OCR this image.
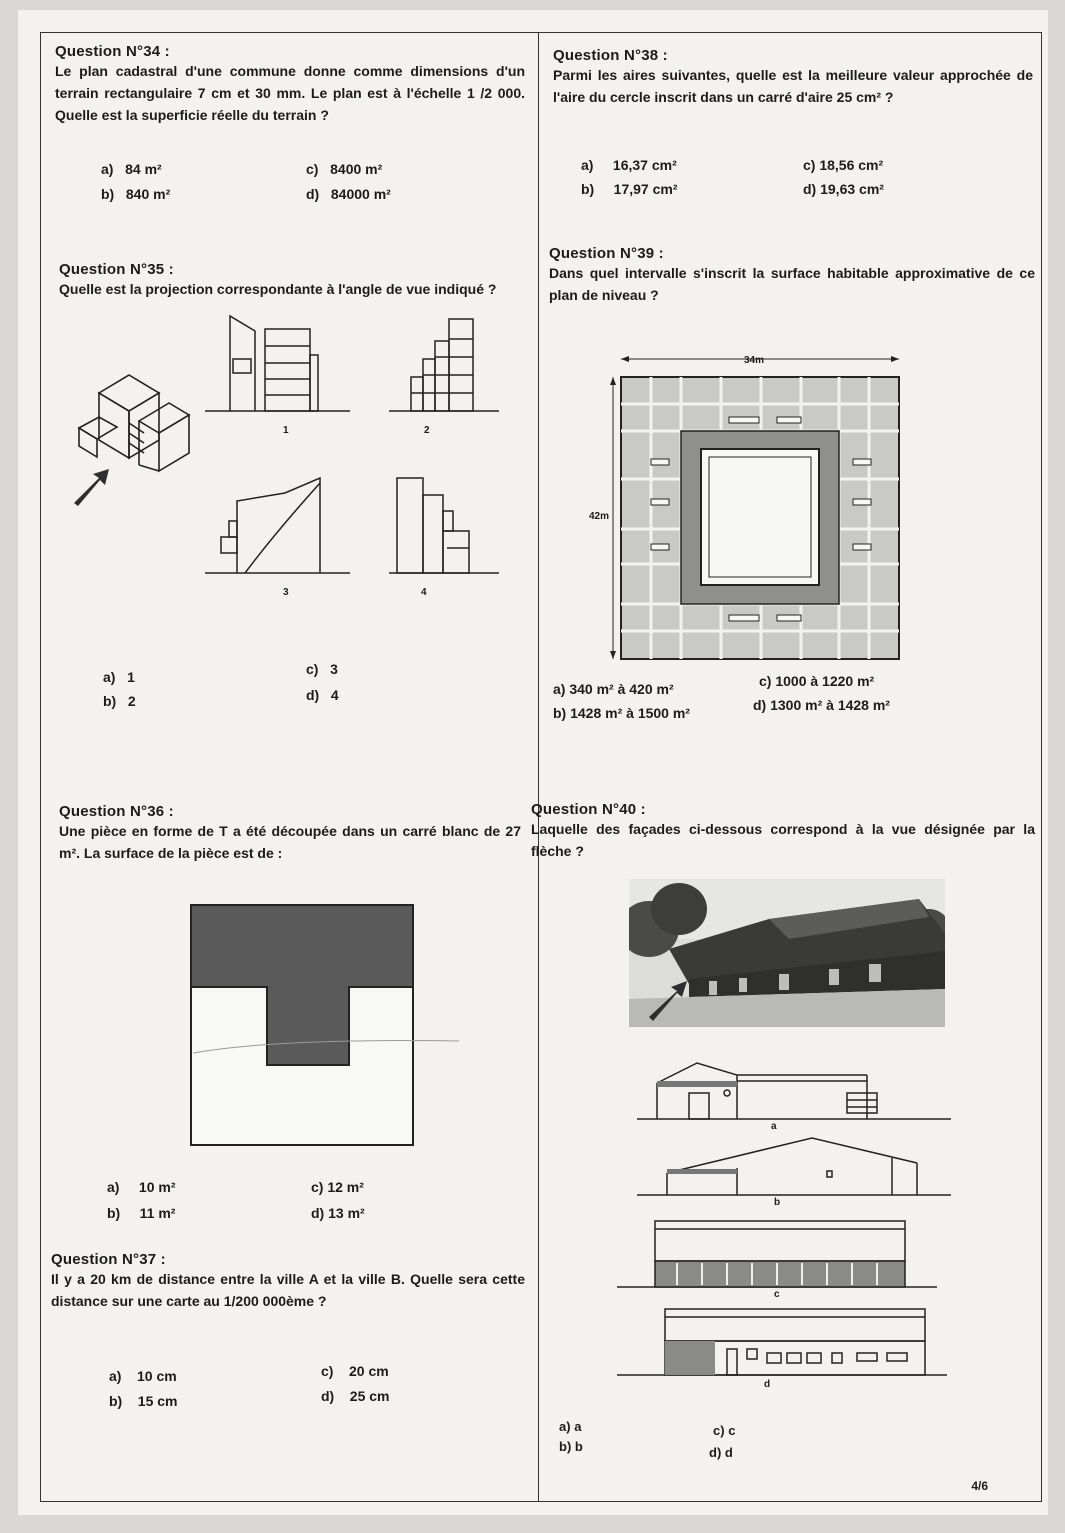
Question N°34 :
Le plan cadastral d'une commune donne comme dimensions d'un terrain rectangulaire 7 cm et 30 mm. Le plan est à l'échelle 1 /2 000. Quelle est la superficie réelle du terrain ?
a) 84 m²
b) 840 m²
c) 8400 m²
d) 84000 m²
Question N°35 :
Quelle est la projection correspondante à l'angle de vue indiqué ?
1	2
3	4
a) 1
b) 2
c) 3
d) 4
Question N°36 :
Une pièce en forme de T a été découpée dans un carré blanc de 27 m². La surface de la pièce est de :
a) 10 m²
b) 11 m²
c) 12 m²
d) 13 m²
Question N°37 :
Il y a 20 km de distance entre la ville A et la ville B. Quelle sera cette distance sur une carte au 1/200 000ème ?
a) 10 cm
b) 15 cm
c) 20 cm
d) 25 cm
Question N°38 :
Parmi les aires suivantes, quelle est la meilleure valeur approchée de l'aire du cercle inscrit dans un carré d'aire 25 cm² ?
a) 16,37 cm²
b) 17,97 cm²
c) 18,56 cm²
d) 19,63 cm²
Question N°39 :
Dans quel intervalle s'inscrit la surface habitable approximative de ce plan de niveau ?
34m
42m
a) 340 m² à 420 m²
b) 1428 m² à 1500 m²
c) 1000 à 1220 m²
d) 1300 m² à 1428 m²
Question N°40 :
Laquelle des façades ci-dessous correspond à la vue désignée par la flèche ?
a
b
c
d
a) a
b) b
c) c
d) d
4/6
